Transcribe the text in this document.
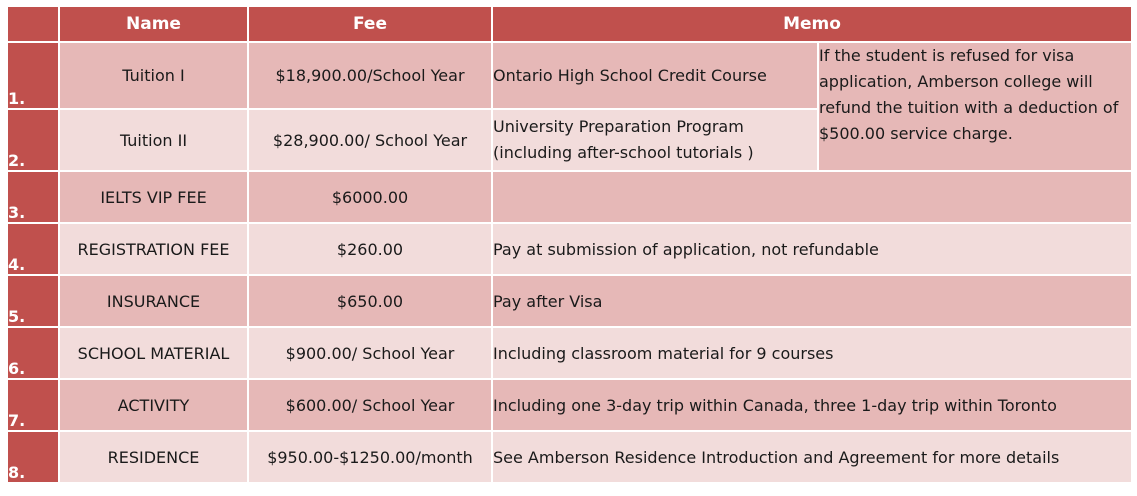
	Name	Fee	Memo	
1.	Tuition I	$18,900.00/School Year	Ontario High School Credit Course	If the student is refused for visa application, Amberson college will refund the tuition with a deduction of $500.00 service charge.
2.	Tuition II	$28,900.00/ School Year	University Preparation Program
(including after-school tutorials )	
3.	IELTS VIP FEE	$6000.00		
4.	REGISTRATION FEE	$260.00	Pay at submission of application, not refundable	
5.	INSURANCE	$650.00	Pay after Visa	
6.	SCHOOL MATERIAL	$900.00/ School Year	Including classroom material for 9 courses	
7.	ACTIVITY	$600.00/ School Year	Including one 3-day trip within Canada, three 1-day trip within Toronto	
8.	RESIDENCE	$950.00-$1250.00/month	See Amberson Residence Introduction and Agreement for more details	
